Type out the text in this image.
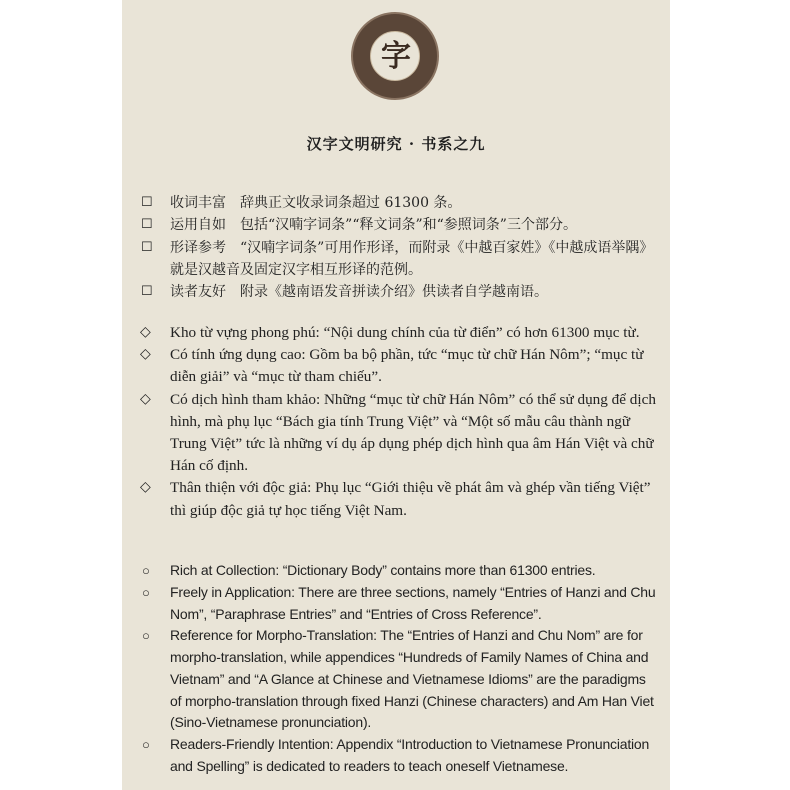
字
汉字文明研究 · 书系之九
☐ 收词丰富　辞典正文收录词条超过 61300 条。
☐ 运用自如　包括“汉喃字词条”“释文词条”和“参照词条”三个部分。
☐ 形译参考　“汉喃字词条”可用作形译，而附录《中越百家姓》《中越成语举隅》就是汉越音及固定汉字相互形译的范例。
☐ 读者友好　附录《越南语发音拼读介绍》供读者自学越南语。
◇ Kho từ vựng phong phú: “Nội dung chính của từ điển” có hơn 61300 mục từ.
◇ Có tính ứng dụng cao: Gồm ba bộ phần, tức “mục từ chữ Hán Nôm”; “mục từ diễn giải” và “mục từ tham chiếu”.
◇ Có dịch hình tham khảo: Những “mục từ chữ Hán Nôm” có thể sử dụng để dịch hình, mà phụ lục “Bách gia tính Trung Việt” và “Một số mẫu câu thành ngữ Trung Việt” tức là những ví dụ áp dụng phép dịch hình qua âm Hán Việt và chữ Hán cố định.
◇ Thân thiện với độc giả: Phụ lục “Giới thiệu về phát âm và ghép vần tiếng Việt” thì giúp độc giả tự học tiếng Việt Nam.
○ Rich at Collection: “Dictionary Body” contains more than 61300 entries.
○ Freely in Application: There are three sections, namely “Entries of Hanzi and Chu Nom”, “Paraphrase Entries” and “Entries of Cross Reference”.
○ Reference for Morpho-Translation: The “Entries of Hanzi and Chu Nom” are for morpho-translation, while appendices “Hundreds of Family Names of China and Vietnam” and “A Glance at Chinese and Vietnamese Idioms” are the paradigms of morpho-translation through fixed Hanzi (Chinese characters) and Am Han Viet (Sino-Vietnamese pronunciation).
○ Readers-Friendly Intention: Appendix “Introduction to Vietnamese Pronunciation and Spelling” is dedicated to readers to teach oneself Vietnamese.
